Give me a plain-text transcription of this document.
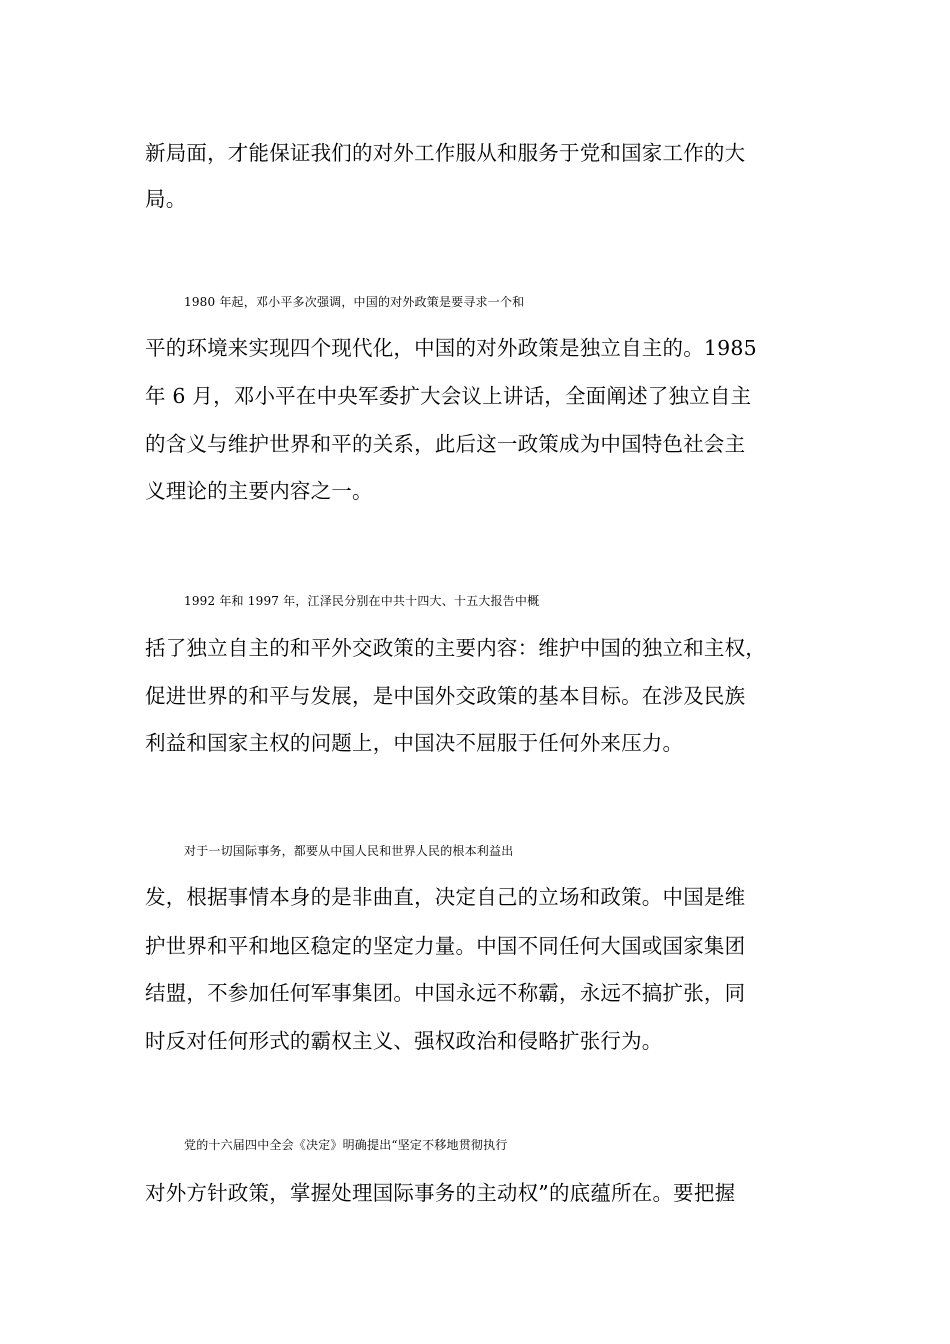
新局面，才能保证我们的对外工作服从和服务于党和国家工作的大

局。

1980 年起，邓小平多次强调，中国的对外政策是要寻求一个和

平的环境来实现四个现代化，中国的对外政策是独立自主的。1985

年 6 月，邓小平在中央军委扩大会议上讲话，全面阐述了独立自主

的含义与维护世界和平的关系，此后这一政策成为中国特色社会主

义理论的主要内容之一。

1992 年和 1997 年，江泽民分别在中共十四大、十五大报告中概

括了独立自主的和平外交政策的主要内容：维护中国的独立和主权，

促进世界的和平与发展，是中国外交政策的基本目标。在涉及民族

利益和国家主权的问题上，中国决不屈服于任何外来压力。

对于一切国际事务，都要从中国人民和世界人民的根本利益出

发，根据事情本身的是非曲直，决定自己的立场和政策。中国是维

护世界和平和地区稳定的坚定力量。中国不同任何大国或国家集团

结盟，不参加任何军事集团。中国永远不称霸，永远不搞扩张，同

时反对任何形式的霸权主义、强权政治和侵略扩张行为。

党的十六届四中全会《决定》明确提出“坚定不移地贯彻执行

对外方针政策，掌握处理国际事务的主动权”的底蕴所在。要把握
